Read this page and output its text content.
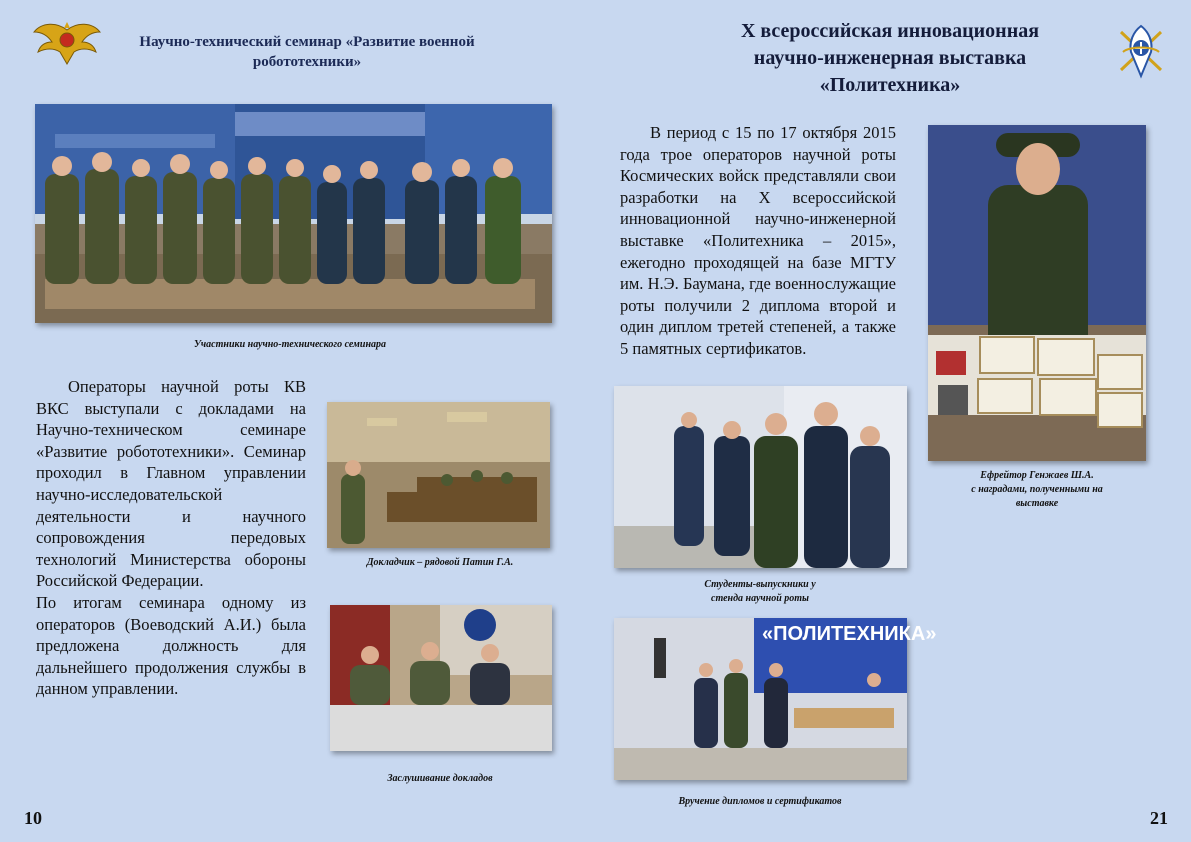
Научно-технический семинар «Развитие военной робототехники»
Участники научно-технического семинара

Операторы научной роты КВ ВКС выступали с докладами на Научно-техническом семинаре «Развитие робототехники». Семинар проходил в Главном управлении научно-исследовательской деятельности и научного сопровождения передовых технологий Министерства обороны Российской Федерации.

По итогам семинара одному из операторов (Воеводский А.И.) была предложена должность для дальнейшего продолжения службы в данном управлении.

Докладчик – рядовой Патин Г.А.
Заслушивание докладов
10
X всероссийская инновационная
научно-инженерная выставка
«Политехника»

В период с 15 по 17 октября 2015 года трое операторов научной роты Космических войск представляли свои разработки на X всероссийской инновационной научно-инженерной выставке «Политехника – 2015», ежегодно проходящей на базе МГТУ им. Н.Э. Баумана, где военнослужащие роты получили 2 диплома второй и один диплом третей степеней, а также 5 памятных сертификатов.

Ефрейтор Генжаев Ш.А.
с наградами, полученными на
выставке
Студенты-выпускники у
стенда научной роты
«ПОЛИТЕХНИКА»
Вручение дипломов и сертификатов
21
